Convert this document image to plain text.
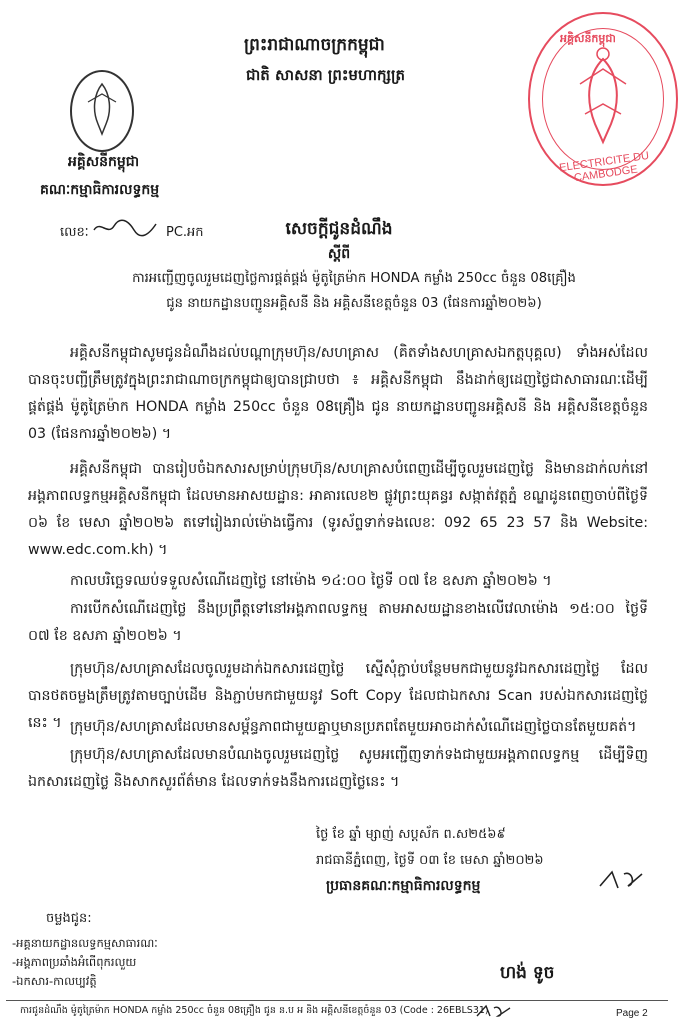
អគ្គិសនីកម្ពុជា
ELECTRICITE DU CAMBODGE
ព្រះរាជាណាចក្រកម្ពុជា
ជាតិ សាសនា ព្រះមហាក្សត្រ
អគ្គិសនីកម្ពុជា
គណៈកម្មាធិការលទ្ធកម្ម
លេខៈ	PC.អក	សេចក្តីជូនដំណឹង
ស្តីពី
ការអញ្ជើញចូលរួមដេញថ្លៃការផ្គត់ផ្គង់ ម៉ូតូត្រៃម៉ាក HONDA កម្លាំង 250cc ចំនួន 08គ្រឿង
ជូន នាយកដ្ឋានបញ្ជូនអគ្គិសនី និង អគ្គិសនីខេត្តចំនួន 03 (ផែនការឆ្នាំ២០២៦)
អគ្គិសនីកម្ពុជាសូមជូនដំណឹងដល់បណ្តាក្រុមហ៊ុន/សហគ្រាស (គិតទាំងសហគ្រាសឯកត្តបុគ្គល) ទាំងអស់ដែលបានចុះបញ្ជីត្រឹមត្រូវក្នុងព្រះរាជាណាចក្រកម្ពុជាឲ្យបានជ្រាបថា ៖ អគ្គិសនីកម្ពុជា នឹងដាក់ឲ្យដេញថ្លៃជាសាធារណៈដើម្បីផ្គត់ផ្គង់ ម៉ូតូត្រៃម៉ាក HONDA កម្លាំង 250cc ចំនួន 08គ្រឿង ជូន នាយកដ្ឋានបញ្ជូនអគ្គិសនី និង អគ្គិសនីខេត្តចំនួន 03 (ផែនការឆ្នាំ២០២៦) ។
អគ្គិសនីកម្ពុជា បានរៀបចំឯកសារសម្រាប់ក្រុមហ៊ុន/សហគ្រាសបំពេញដើម្បីចូលរួមដេញថ្លៃ និងមានដាក់លក់នៅអង្គភាពលទ្ធកម្មអគ្គិសនីកម្ពុជា ដែលមានអាសយដ្ឋាន: អាគារលេខ២ ផ្លូវព្រះយុគន្ធរ សង្កាត់វត្តភ្នំ ខណ្ឌដូនពេញចាប់ពីថ្ងៃទី ០៦ ខែ មេសា ឆ្នាំ២០២៦ តទៅរៀងរាល់ម៉ោងធ្វើការ (ទូរស័ព្ទទាក់ទងលេខៈ 092 65 23 57 និង Website: www.edc.com.kh) ។
កាលបរិច្ឆេទឈប់ទទួលសំណើដេញថ្លៃ នៅម៉ោង ១៤:០០ ថ្ងៃទី ០៧ ខែ ឧសភា ឆ្នាំ២០២៦ ។
ការបើកសំណើដេញថ្លៃ នឹងប្រព្រឹត្តទៅនៅអង្គភាពលទ្ធកម្ម តាមអាសយដ្ឋានខាងលើវេលាម៉ោង ១៥:០០ ថ្ងៃទី ០៧ ខែ ឧសភា ឆ្នាំ២០២៦ ។
ក្រុមហ៊ុន/សហគ្រាសដែលចូលរួមដាក់ឯកសារដេញថ្លៃ ស្នើសុំភ្ជាប់បន្ថែមមកជាមួយនូវឯកសារដេញថ្លៃ ដែលបានថតចម្លងត្រឹមត្រូវតាមច្បាប់ដើម និងភ្ជាប់មកជាមួយនូវ Soft Copy ដែលជាឯកសារ Scan របស់ឯកសារដេញថ្លៃនេះ ។ ក្រុមហ៊ុន/សហគ្រាសដែលមានសម្ព័ន្ធភាពជាមួយគ្នាឬមានប្រភពតែមួយអាចដាក់សំណើដេញថ្លៃបានតែមួយគត់។
ក្រុមហ៊ុន/សហគ្រាសដែលមានបំណងចូលរួមដេញថ្លៃ សូមអញ្ជើញទាក់ទងជាមួយអង្គភាពលទ្ធកម្ម ដើម្បីទិញឯកសារដេញថ្លៃ និងសាកសួរព័ត៌មាន ដែលទាក់ទងនឹងការដេញថ្លៃនេះ ។
ថ្ងៃ ខែ ឆ្នាំ ម្សាញ់ សប្តស័ក ព.ស២៥៦៩
រាជធានីភ្នំពេញ, ថ្ងៃទី ០៣ ខែ មេសា ឆ្នាំ២០២៦
ប្រធានគណៈកម្មាធិការលទ្ធកម្ម
ចម្លងជូន:
-អគ្គនាយកដ្ឋានលទ្ធកម្មសាធារណៈ
-អង្គភាពប្រឆាំងអំពើពុករលួយ
-ឯកសារ-កាលប្បវត្តិ	ហង់ ទូច
ការជូនដំណឹង ម៉ូតូត្រៃម៉ាក HONDA កម្លាំង 250cc ចំនួន 08គ្រឿង ជូន ន.ប អ និង អគ្គិសនីខេត្តចំនួន 03 (Code : 26EBLS31)	Page 2
